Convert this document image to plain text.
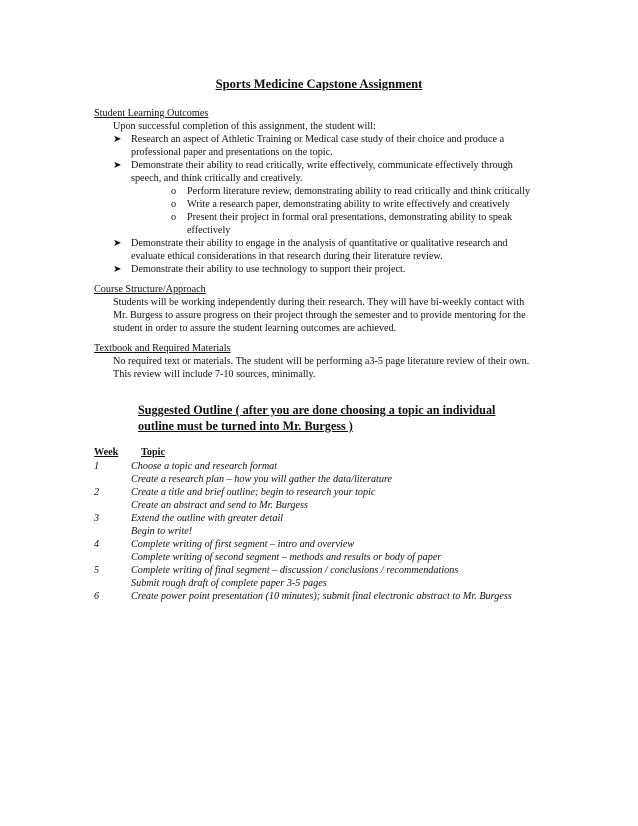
Sports Medicine Capstone Assignment
Student Learning Outcomes
Upon successful completion of this assignment, the student will:
➤ Research an aspect of Athletic Training or Medical case study of their choice and produce a
professional paper and presentations on the topic.
➤ Demonstrate their ability to read critically, write effectively, communicate effectively through
speech, and think critically and creatively.
o Perform literature review, demonstrating ability to read critically and think critically
o Write a research paper, demonstrating ability to write effectively and creatively
o Present their project in formal oral presentations, demonstrating ability to speak
effectively
➤ Demonstrate their ability to engage in the analysis of quantitative or qualitative research and
evaluate ethical considerations in that research during their literature review.
➤ Demonstrate their ability to use technology to support their project.
Course Structure/Approach
Students will be working independently during their research. They will have bi-weekly contact with
Mr. Burgess to assure progress on their project through the semester and to provide mentoring for the
student in order to assure the student learning outcomes are achieved.
Textbook and Required Materials
No required text or materials. The student will be performing a3-5 page literature review of their own.
This review will include 7-10 sources, minimally.
Suggested Outline ( after you are done choosing a topic an individual
outline must be turned into Mr. Burgess )
Week Topic
1	Choose a topic and research format
Create a research plan – how you will gather the data/literature
2	Create a title and brief outline; begin to research your topic
Create an abstract and send to Mr. Burgess
3	Extend the outline with greater detail
Begin to write!
4	Complete writing of first segment – intro and overview
Complete writing of second segment – methods and results or body of paper
5	Complete writing of final segment – discussion / conclusions / recommendations
Submit rough draft of complete paper 3-5 pages
6	Create power point presentation (10 minutes); submit final electronic abstract to Mr. Burgess
